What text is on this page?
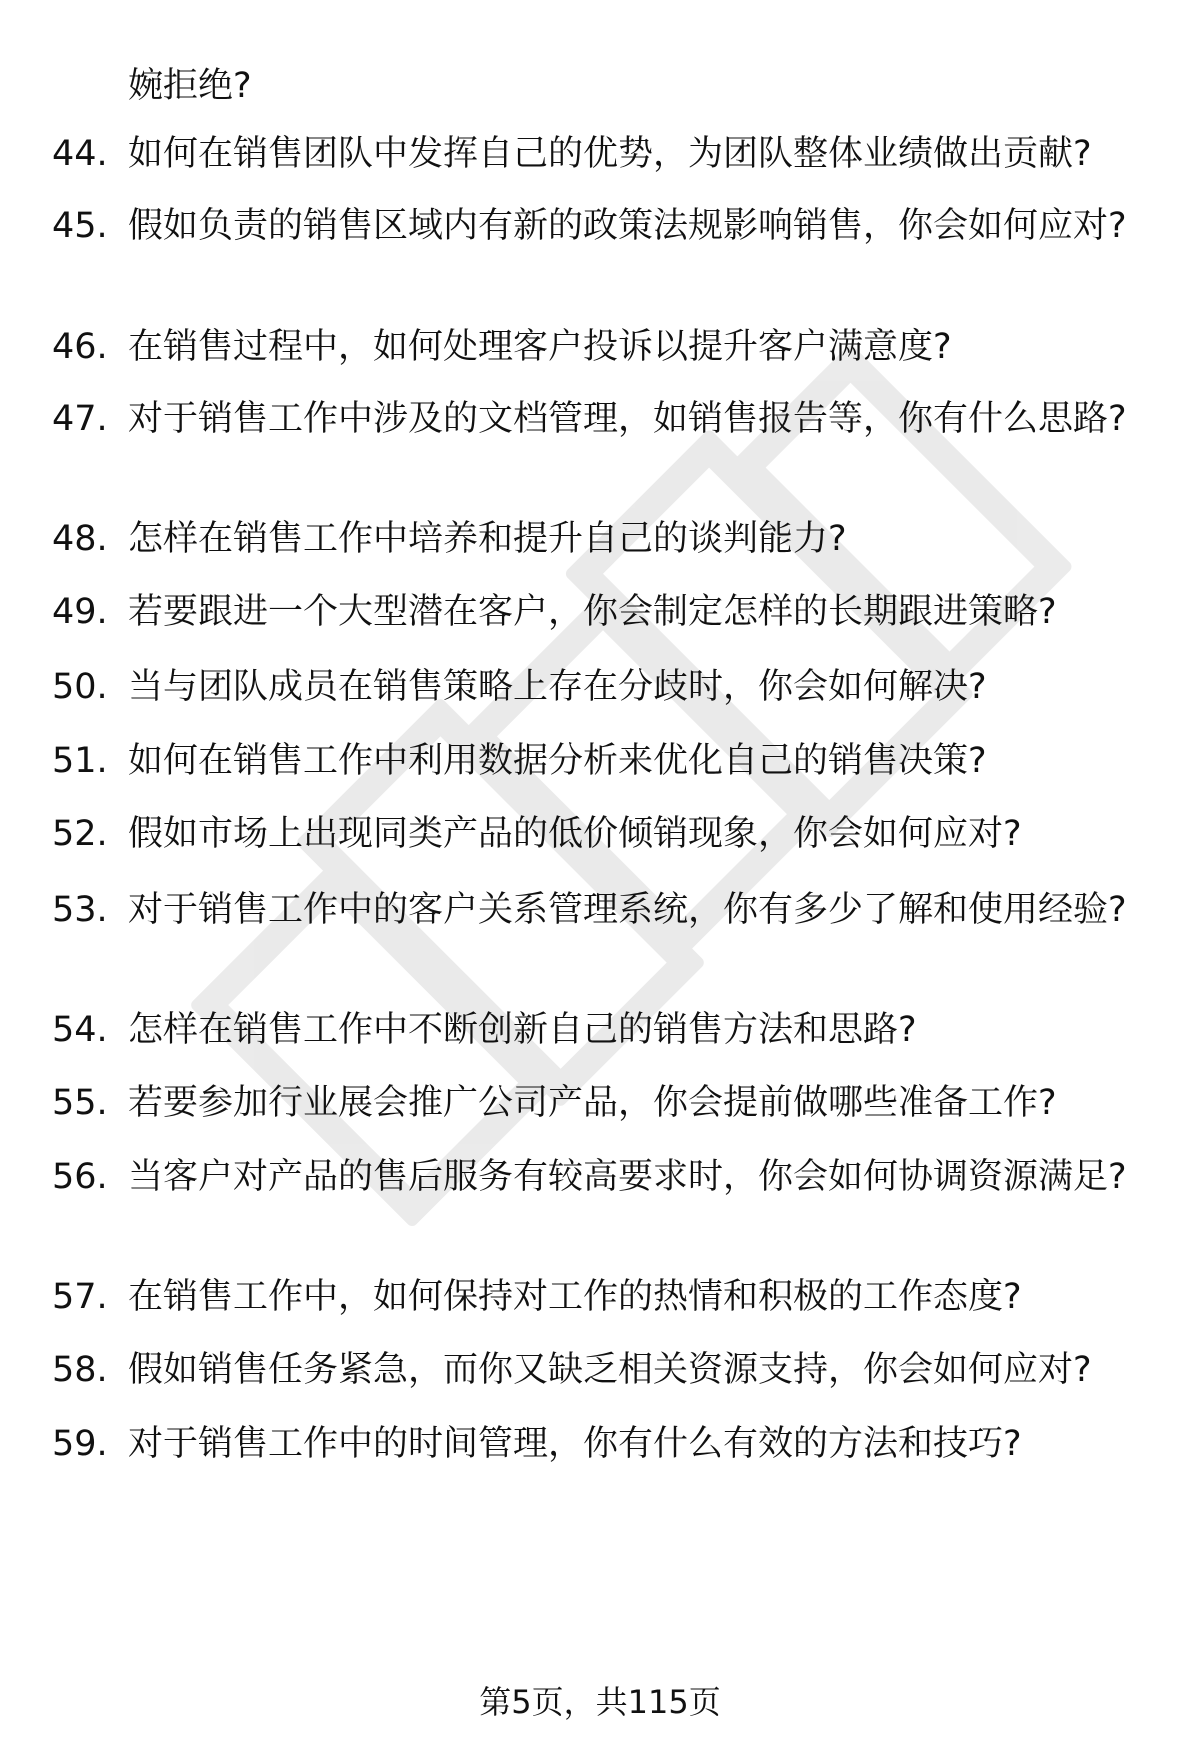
婉拒绝?
44. 如何在销售团队中发挥自己的优势，为团队整体业绩做出贡献?
45. 假如负责的销售区域内有新的政策法规影响销售，你会如何应对?
46. 在销售过程中，如何处理客户投诉以提升客户满意度?
47. 对于销售工作中涉及的文档管理，如销售报告等，你有什么思路?
48. 怎样在销售工作中培养和提升自己的谈判能力?
49. 若要跟进一个大型潜在客户，你会制定怎样的长期跟进策略?
50. 当与团队成员在销售策略上存在分歧时，你会如何解决?
51. 如何在销售工作中利用数据分析来优化自己的销售决策?
52. 假如市场上出现同类产品的低价倾销现象，你会如何应对?
53. 对于销售工作中的客户关系管理系统，你有多少了解和使用经验?
54. 怎样在销售工作中不断创新自己的销售方法和思路?
55. 若要参加行业展会推广公司产品，你会提前做哪些准备工作?
56. 当客户对产品的售后服务有较高要求时，你会如何协调资源满足?
57. 在销售工作中，如何保持对工作的热情和积极的工作态度?
58. 假如销售任务紧急，而你又缺乏相关资源支持，你会如何应对?
59. 对于销售工作中的时间管理，你有什么有效的方法和技巧?
第5页，共115页
